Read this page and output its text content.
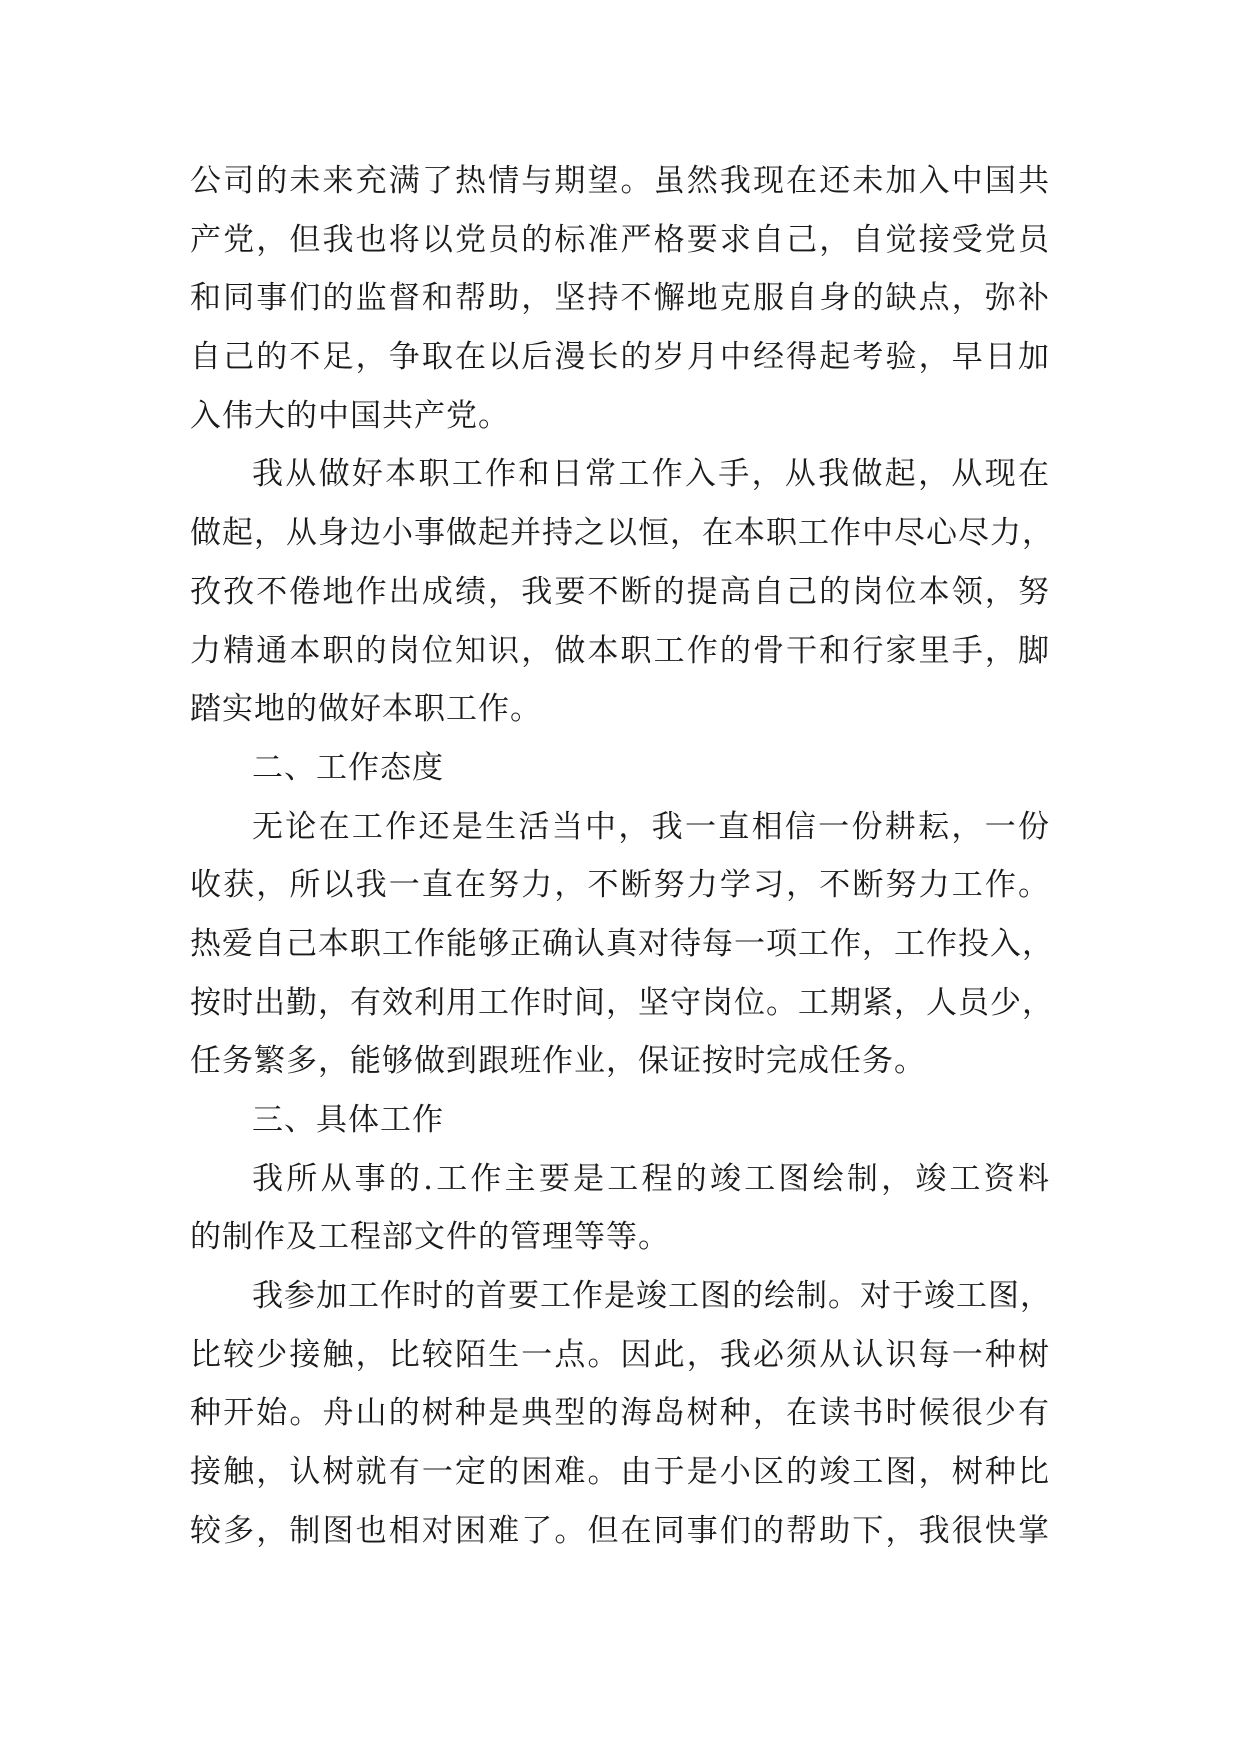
公司的未来充满了热情与期望。虽然我现在还未加入中国共
产党，但我也将以党员的标准严格要求自己，自觉接受党员
和同事们的监督和帮助，坚持不懈地克服自身的缺点，弥补
自己的不足，争取在以后漫长的岁月中经得起考验，早日加
入伟大的中国共产党。
我从做好本职工作和日常工作入手，从我做起，从现在
做起，从身边小事做起并持之以恒，在本职工作中尽心尽力，
孜孜不倦地作出成绩，我要不断的提高自己的岗位本领，努
力精通本职的岗位知识，做本职工作的骨干和行家里手，脚
踏实地的做好本职工作。
二、工作态度
无论在工作还是生活当中，我一直相信一份耕耘，一份
收获，所以我一直在努力，不断努力学习，不断努力工作。
热爱自己本职工作能够正确认真对待每一项工作，工作投入，
按时出勤，有效利用工作时间，坚守岗位。工期紧，人员少，
任务繁多，能够做到跟班作业，保证按时完成任务。
三、具体工作
我所从事的.工作主要是工程的竣工图绘制，竣工资料
的制作及工程部文件的管理等等。
我参加工作时的首要工作是竣工图的绘制。对于竣工图，
比较少接触，比较陌生一点。因此，我必须从认识每一种树
种开始。舟山的树种是典型的海岛树种，在读书时候很少有
接触，认树就有一定的困难。由于是小区的竣工图，树种比
较多，制图也相对困难了。但在同事们的帮助下，我很快掌
